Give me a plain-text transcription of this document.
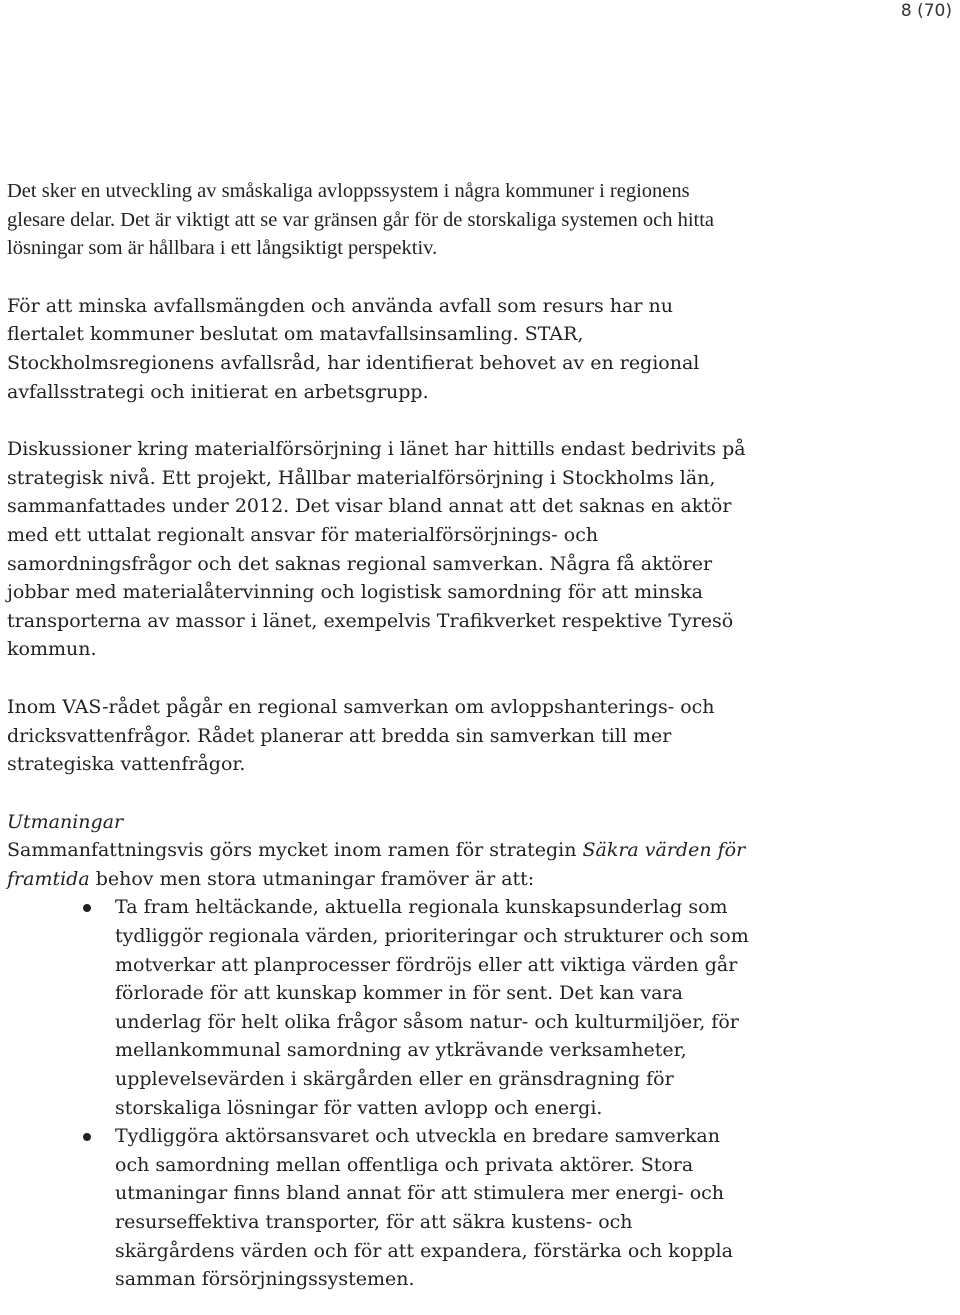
8 (70)

Det sker en utveckling av småskaliga avloppssystem i några kommuner i regionens glesare delar. Det är viktigt att se var gränsen går för de storskaliga systemen och hitta lösningar som är hållbara i ett långsiktigt perspektiv.

För att minska avfallsmängden och använda avfall som resurs har nu flertalet kommuner beslutat om matavfallsinsamling. STAR, Stockholmsregionens avfallsråd, har identifierat behovet av en regional avfallsstrategi och initierat en arbetsgrupp.

Diskussioner kring materialförsörjning i länet har hittills endast bedrivits på strategisk nivå. Ett projekt, Hållbar materialförsörjning i Stockholms län, sammanfattades under 2012. Det visar bland annat att det saknas en aktör med ett uttalat regionalt ansvar för materialförsörjnings- och samordningsfrågor och det saknas regional samverkan. Några få aktörer jobbar med materialåtervinning och logistisk samordning för att minska transporterna av massor i länet, exempelvis Trafikverket respektive Tyresö kommun.

Inom VAS-rådet pågår en regional samverkan om avloppshanterings- och dricksvattenfrågor. Rådet planerar att bredda sin samverkan till mer strategiska vattenfrågor.

Utmaningar

Sammanfattningsvis görs mycket inom ramen för strategin Säkra värden för framtida behov men stora utmaningar framöver är att:

Ta fram heltäckande, aktuella regionala kunskapsunderlag som tydliggör regionala värden, prioriteringar och strukturer och som motverkar att planprocesser fördröjs eller att viktiga värden går förlorade för att kunskap kommer in för sent. Det kan vara underlag för helt olika frågor såsom natur- och kulturmiljöer, för mellankommunal samordning av ytkrävande verksamheter, upplevelsevärden i skärgården eller en gränsdragning för storskaliga lösningar för vatten avlopp och energi.
Tydliggöra aktörsansvaret och utveckla en bredare samverkan och samordning mellan offentliga och privata aktörer. Stora utmaningar finns bland annat för att stimulera mer energi- och resurseffektiva transporter, för att säkra kustens- och skärgårdens värden och för att expandera, förstärka och koppla samman försörjningssystemen.
